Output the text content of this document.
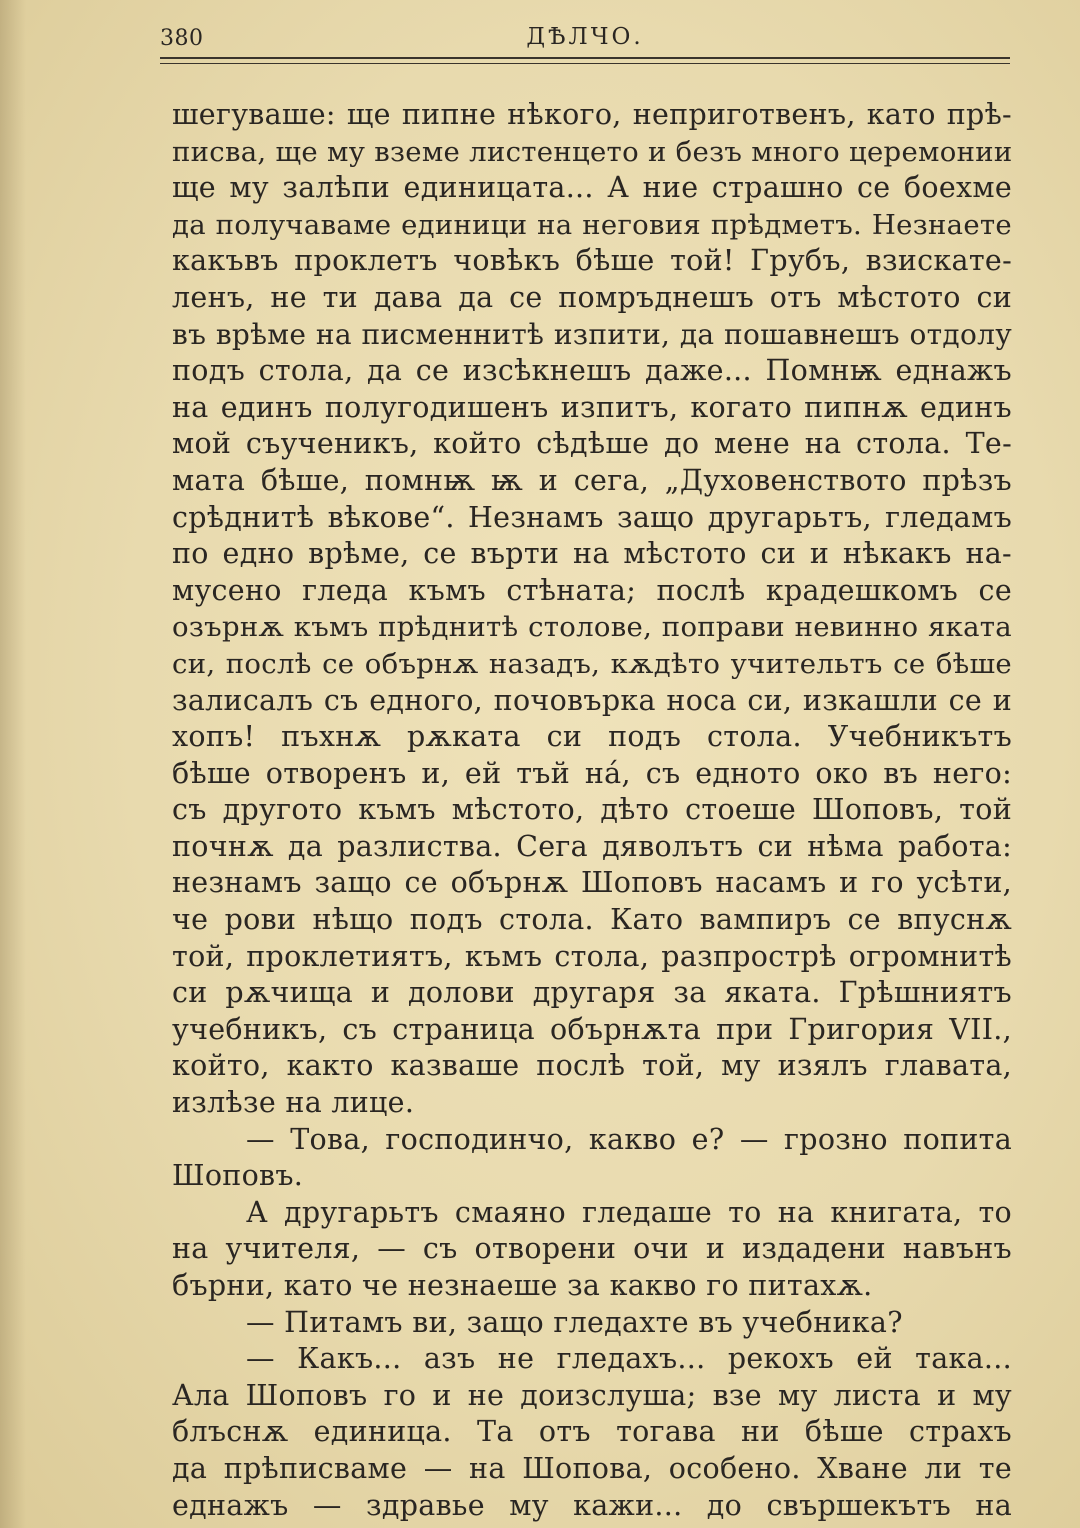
380	ДѢЛЧО.
шегуваше: ще пипне нѣкого, неприготвенъ, като прѣ-
писва, ще му вземе листенцето и безъ много церемонии
ще му залѣпи единицата... А ние страшно се боехме
да получаваме единици на неговия прѣдметъ. Незнаете
какъвъ проклетъ човѣкъ бѣше той! Грубъ, взискате-
ленъ, не ти дава да се помръднешъ отъ мѣстото си
въ врѣме на писменнитѣ изпити, да пошавнешъ отдолу
подъ стола, да се изсѣкнешъ даже... Помнѭ еднажъ
на единъ полугодишенъ изпитъ, когато пипнѫ единъ
мой съученикъ, който сѣдѣше до мене на стола. Те-
мата бѣше, помнѭ ѭ и сега, „Духовенството прѣзъ
срѣднитѣ вѣкове“. Незнамъ защо другарьтъ, гледамъ
по едно врѣме, се върти на мѣстото си и нѣкакъ на-
мусено гледа къмъ стѣната; послѣ крадешкомъ се
озърнѫ къмъ прѣднитѣ столове, поправи невинно яката
си, послѣ се обърнѫ назадъ, кѫдѣто учительтъ се бѣше
залисалъ съ едного, почовърка носа си, изкашли се и
хопъ! пъхнѫ рѫката си подъ стола. Учебникътъ
бѣше отворенъ и, ей тъй на́, съ едното око въ него:
съ другото къмъ мѣстото, дѣто стоеше Шоповъ, той
почнѫ да разлиства. Сега дяволътъ си нѣма работа:
незнамъ защо се обърнѫ Шоповъ насамъ и го усѣти,
че рови нѣщо подъ стола. Като вампиръ се впуснѫ
той, проклетиятъ, къмъ стола, разпрострѣ огромнитѣ
си рѫчища и долови другаря за яката. Грѣшниятъ
учебникъ, съ страница обърнѫта при Григория VII.,
който, както казваше послѣ той, му изялъ главата,
излѣзе на лице.
— Това, господинчо, какво е? — грозно попита
Шоповъ.
А другарьтъ смаяно гледаше то на книгата, то
на учителя, — съ отворени очи и издадени навънъ
бърни, като че незнаеше за какво го питахѫ.
— Питамъ ви, защо гледахте въ учебника?
— Какъ... азъ не гледахъ... рекохъ ей така...
Ала Шоповъ го и не доизслуша; взе му листа и му
блъснѫ единица. Та отъ тогава ни бѣше страхъ
да прѣписваме — на Шопова, особено. Хване ли те
еднажъ — здравье му кажи... до свършекътъ на
